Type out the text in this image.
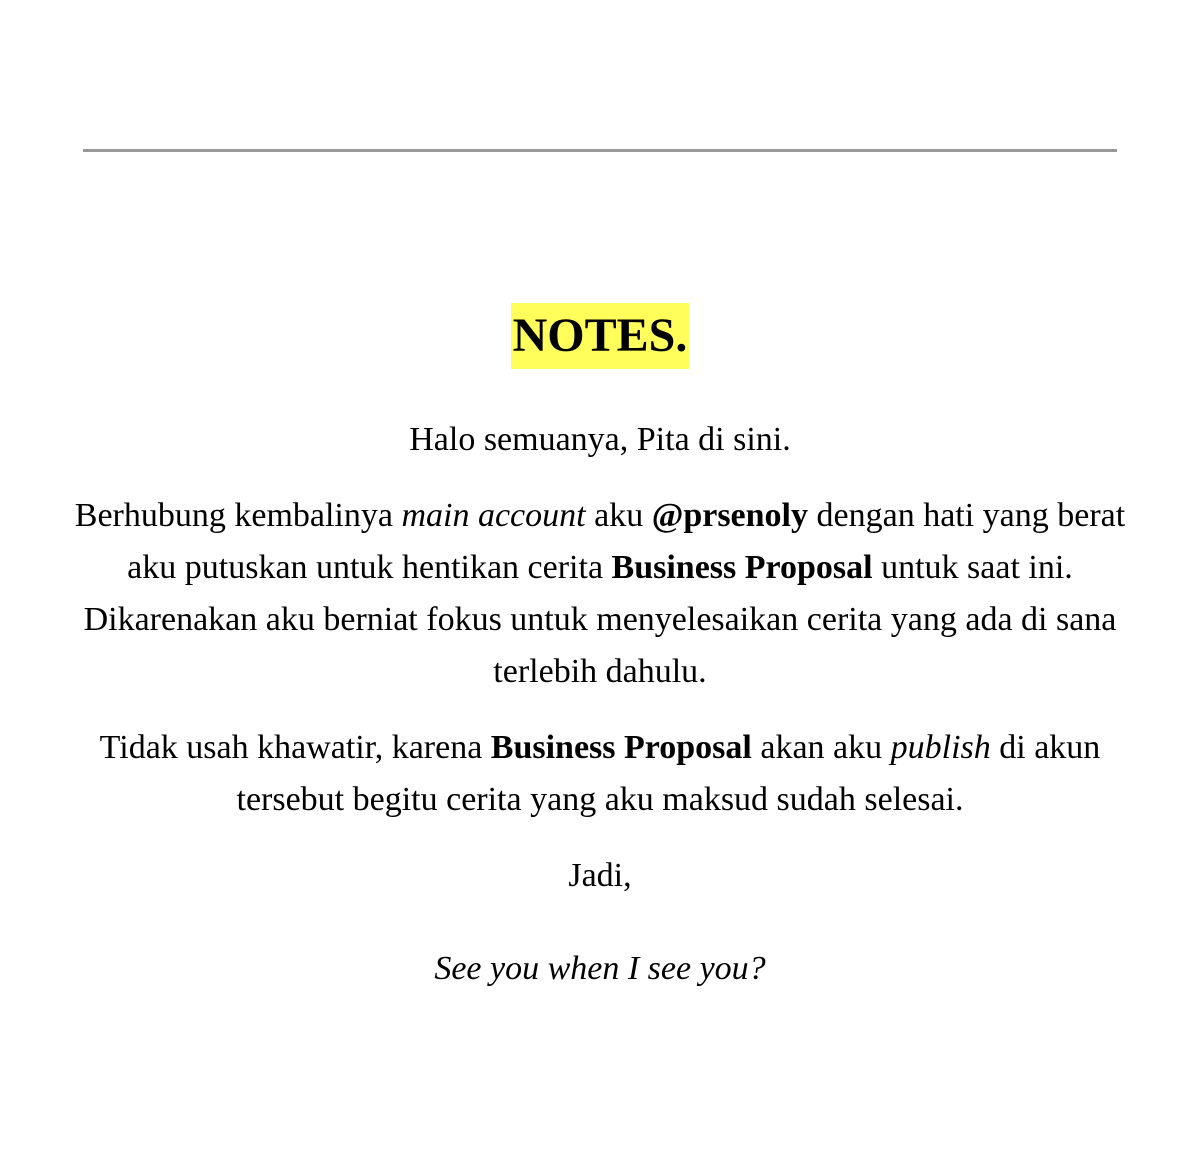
NOTES.

Halo semuanya, Pita di sini.

Berhubung kembalinya main account aku @prsenoly dengan hati yang berat aku putuskan untuk hentikan cerita Business Proposal untuk saat ini. Dikarenakan aku berniat fokus untuk menyelesaikan cerita yang ada di sana terlebih dahulu.

Tidak usah khawatir, karena Business Proposal akan aku publish di akun tersebut begitu cerita yang aku maksud sudah selesai.

Jadi,

See you when I see you?
